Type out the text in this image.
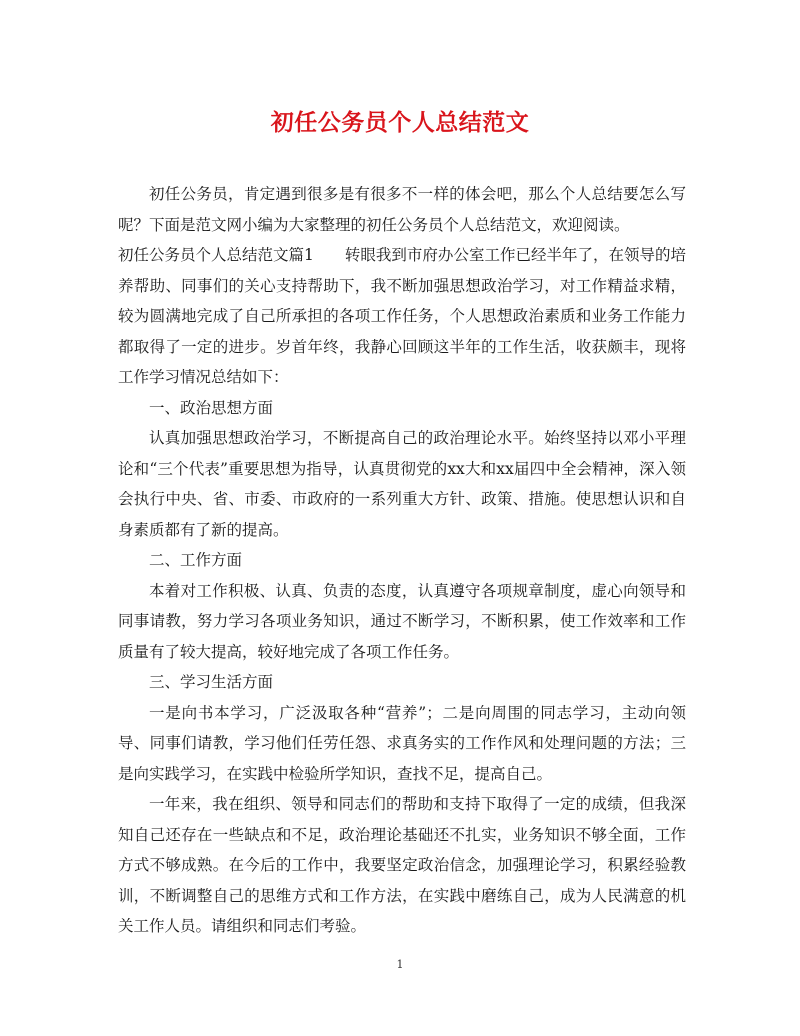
初任公务员个人总结范文

初任公务员，肯定遇到很多是有很多不一样的体会吧，那么个人总结要怎么写呢？下面是范文网小编为大家整理的初任公务员个人总结范文，欢迎阅读。

初任公务员个人总结范文篇1　　转眼我到市府办公室工作已经半年了，在领导的培养帮助、同事们的关心支持帮助下，我不断加强思想政治学习，对工作精益求精，较为圆满地完成了自己所承担的各项工作任务，个人思想政治素质和业务工作能力都取得了一定的进步。岁首年终，我静心回顾这半年的工作生活，收获颇丰，现将工作学习情况总结如下：

一、政治思想方面

认真加强思想政治学习，不断提高自己的政治理论水平。始终坚持以邓小平理论和“三个代表”重要思想为指导，认真贯彻党的xx大和xx届四中全会精神，深入领会执行中央、省、市委、市政府的一系列重大方针、政策、措施。使思想认识和自身素质都有了新的提高。

二、工作方面

本着对工作积极、认真、负责的态度，认真遵守各项规章制度，虚心向领导和同事请教，努力学习各项业务知识，通过不断学习，不断积累，使工作效率和工作质量有了较大提高，较好地完成了各项工作任务。

三、学习生活方面

一是向书本学习，广泛汲取各种“营养”；二是向周围的同志学习，主动向领导、同事们请教，学习他们任劳任怨、求真务实的工作作风和处理问题的方法；三是向实践学习，在实践中检验所学知识，查找不足，提高自己。

一年来，我在组织、领导和同志们的帮助和支持下取得了一定的成绩，但我深知自己还存在一些缺点和不足，政治理论基础还不扎实，业务知识不够全面，工作方式不够成熟。在今后的工作中，我要坚定政治信念，加强理论学习，积累经验教训，不断调整自己的思维方式和工作方法，在实践中磨练自己，成为人民满意的机关工作人员。请组织和同志们考验。

1
